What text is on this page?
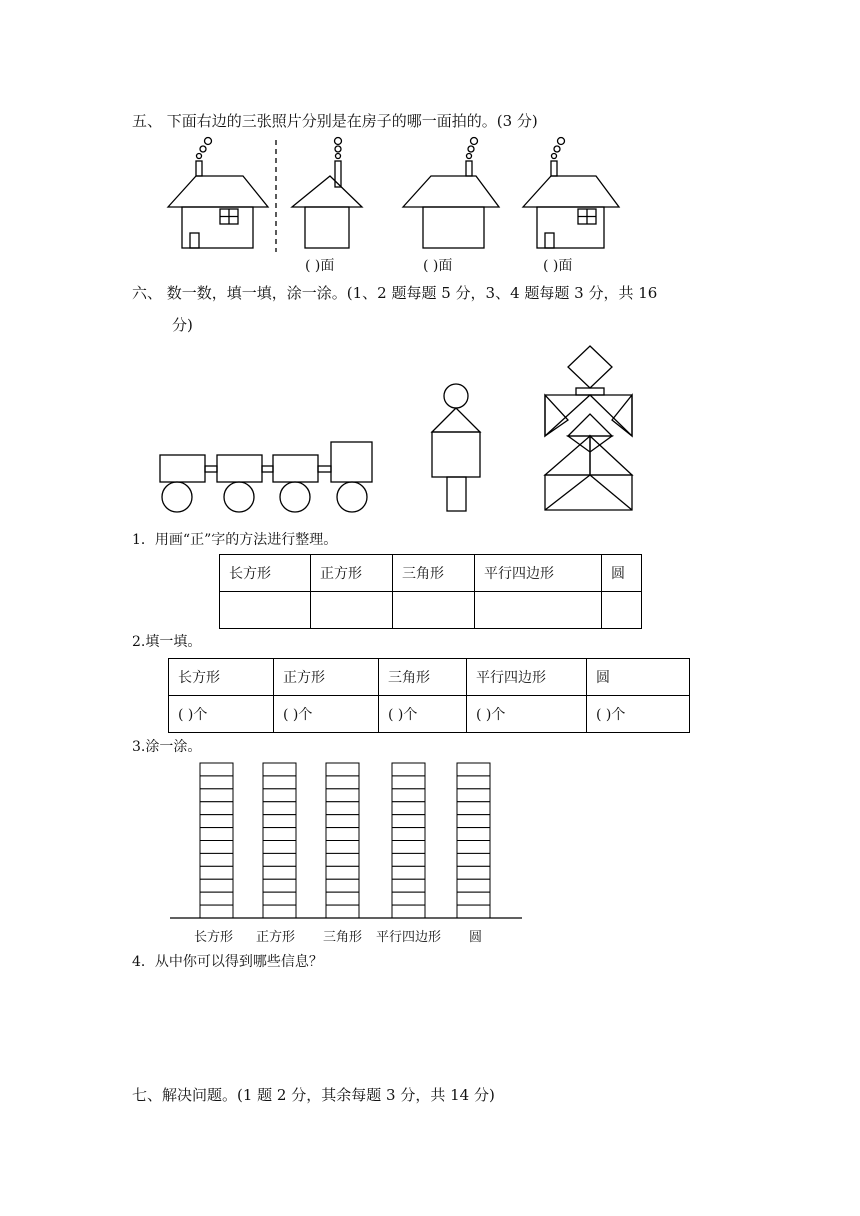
五、 下面右边的三张照片分别是在房子的哪一面拍的。(3 分)
( )面	( )面	( )面
六、 数一数，填一填，涂一涂。(1、2 题每题 5 分，3、4 题每题 3 分，共 16
分)
1．用画“正”字的方法进行整理。
长方形	正方形	三角形	平行四边形	圆

2.填一填。
长方形	正方形	三角形	平行四边形	圆
( )个	( )个	( )个	( )个	( )个
3.涂一涂。
长方形 正方形 三角形 平行四边形 圆
4．从中你可以得到哪些信息？
七、解决问题。(1 题 2 分，其余每题 3 分，共 14 分)
